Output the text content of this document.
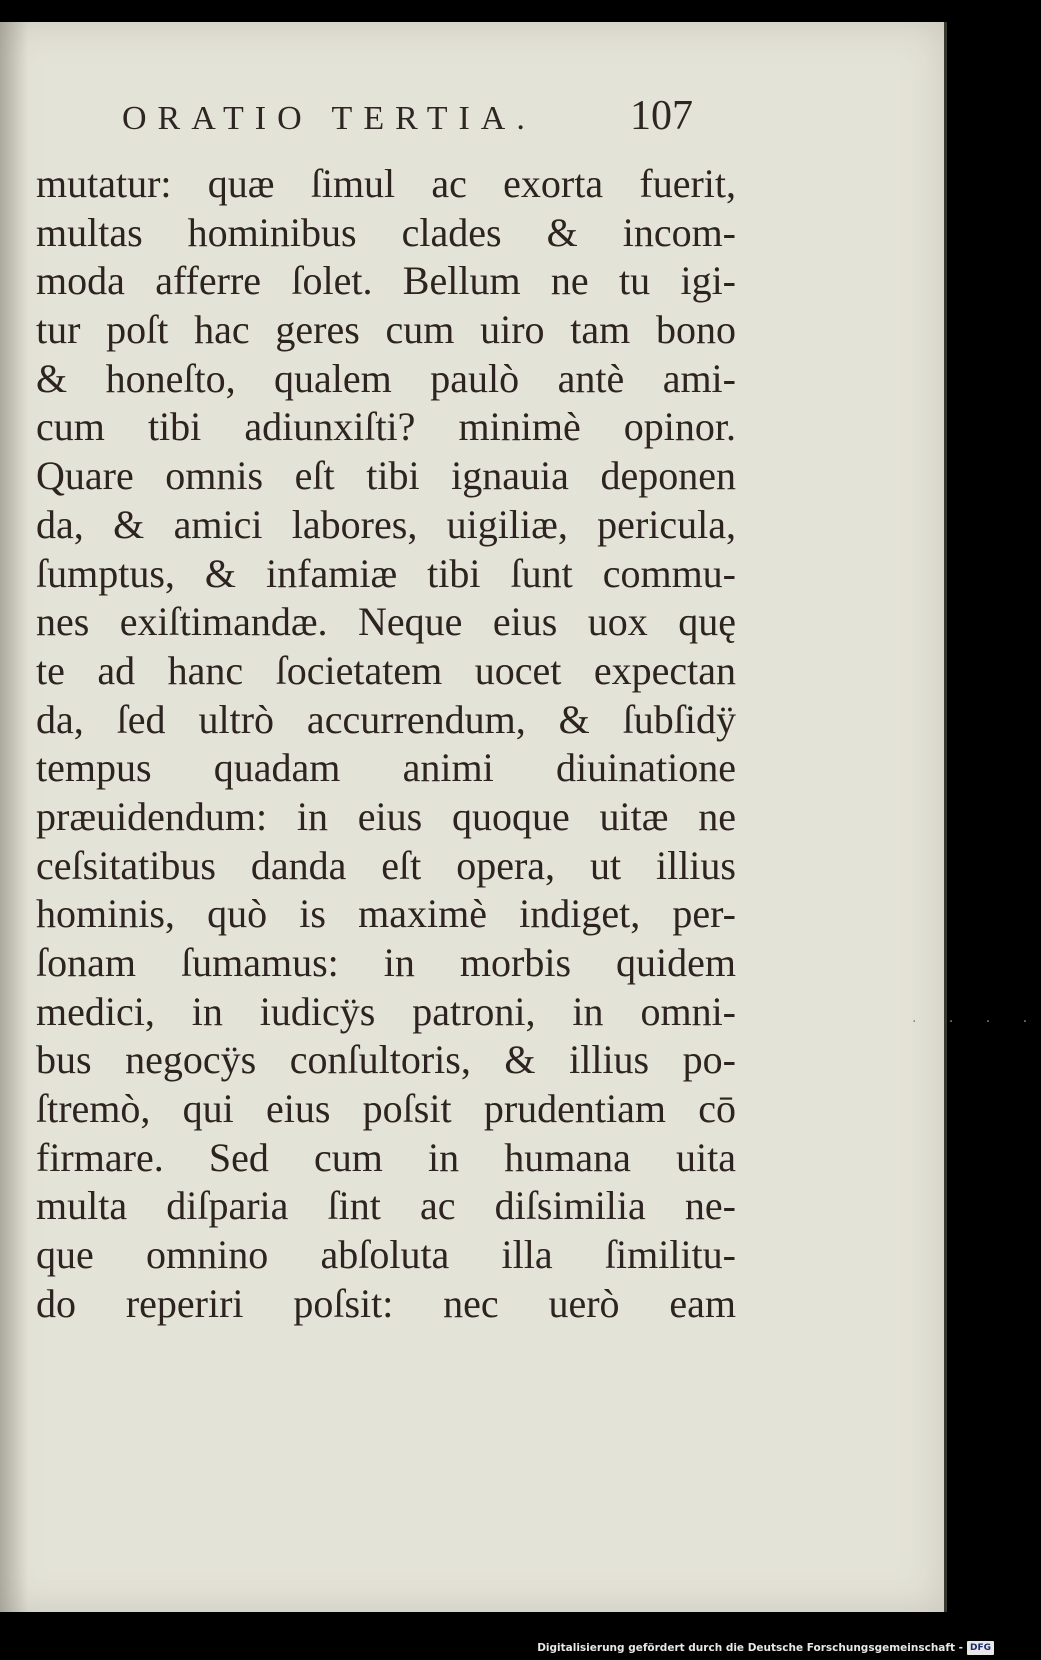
ORATIO TERTIA. 107
mutatur: quæ ſimul ac exorta fuerit,
multas hominibus clades & incom-
moda afferre ſolet. Bellum ne tu igi-
tur poſt hac geres cum uiro tam bono
& honeſto, qualem paulò antè ami-
cum tibi adiunxiſti? minimè opinor.
Quare omnis eſt tibi ignauia deponen
da, & amici labores, uigiliæ, pericula,
ſumptus, & infamiæ tibi ſunt commu-
nes exiſtimandæ. Neque eius uox quę
te ad hanc ſocietatem uocet expectan
da, ſed ultrò accurrendum, & ſubſidÿ
tempus quadam animi diuinatione
præuidendum: in eius quoque uitæ ne
ceſsitatibus danda eſt opera, ut illius
hominis, quò is maximè indiget, per-
ſonam ſumamus: in morbis quidem
medici, in iudicÿs patroni, in omni-
bus negocÿs conſultoris, & illius po-
ſtremò, qui eius poſsit prudentiam cō
firmare. Sed cum in humana uita
multa diſparia ſint ac diſsimilia ne-
que omnino abſoluta illa ſimilitu-
do reperiri poſsit: nec uerò eam
. . . .
Digitalisierung gefördert durch die Deutsche Forschungsgemeinschaft - DFG
